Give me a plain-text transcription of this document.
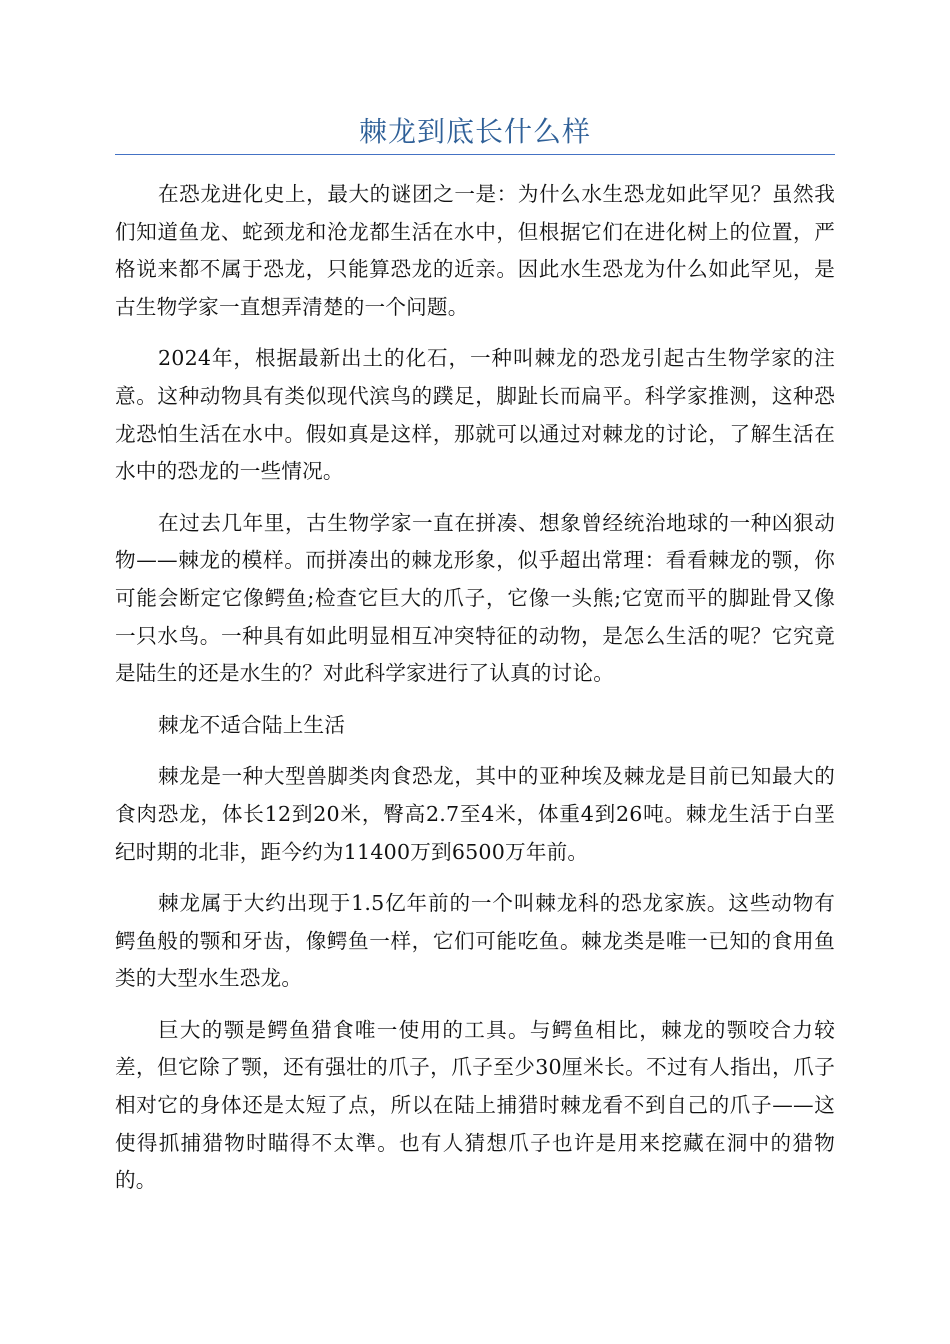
棘龙到底长什么样

在恐龙进化史上，最大的谜团之一是：为什么水生恐龙如此罕见？虽然我们知道鱼龙、蛇颈龙和沧龙都生活在水中，但根据它们在进化树上的位置，严格说来都不属于恐龙，只能算恐龙的近亲。因此水生恐龙为什么如此罕见，是古生物学家一直想弄清楚的一个问题。

2024年，根据最新出土的化石，一种叫棘龙的恐龙引起古生物学家的注意。这种动物具有类似现代滨鸟的蹼足，脚趾长而扁平。科学家推测，这种恐龙恐怕生活在水中。假如真是这样，那就可以通过对棘龙的讨论，了解生活在水中的恐龙的一些情况。

在过去几年里，古生物学家一直在拼凑、想象曾经统治地球的一种凶狠动物——棘龙的模样。而拼凑出的棘龙形象，似乎超出常理：看看棘龙的颚，你可能会断定它像鳄鱼;检查它巨大的爪子，它像一头熊;它宽而平的脚趾骨又像一只水鸟。一种具有如此明显相互冲突特征的动物，是怎么生活的呢？它究竟是陆生的还是水生的？对此科学家进行了认真的讨论。

棘龙不适合陆上生活

棘龙是一种大型兽脚类肉食恐龙，其中的亚种埃及棘龙是目前已知最大的食肉恐龙，体长12到20米，臀高2.7至4米，体重4到26吨。棘龙生活于白垩纪时期的北非，距今约为11400万到6500万年前。

棘龙属于大约出现于1.5亿年前的一个叫棘龙科的恐龙家族。这些动物有鳄鱼般的颚和牙齿，像鳄鱼一样，它们可能吃鱼。棘龙类是唯一已知的食用鱼类的大型水生恐龙。

巨大的颚是鳄鱼猎食唯一使用的工具。与鳄鱼相比，棘龙的颚咬合力较差，但它除了颚，还有强壮的爪子，爪子至少30厘米长。不过有人指出，爪子相对它的身体还是太短了点，所以在陆上捕猎时棘龙看不到自己的爪子——这使得抓捕猎物时瞄得不太準。也有人猜想爪子也许是用来挖藏在洞中的猎物的。
